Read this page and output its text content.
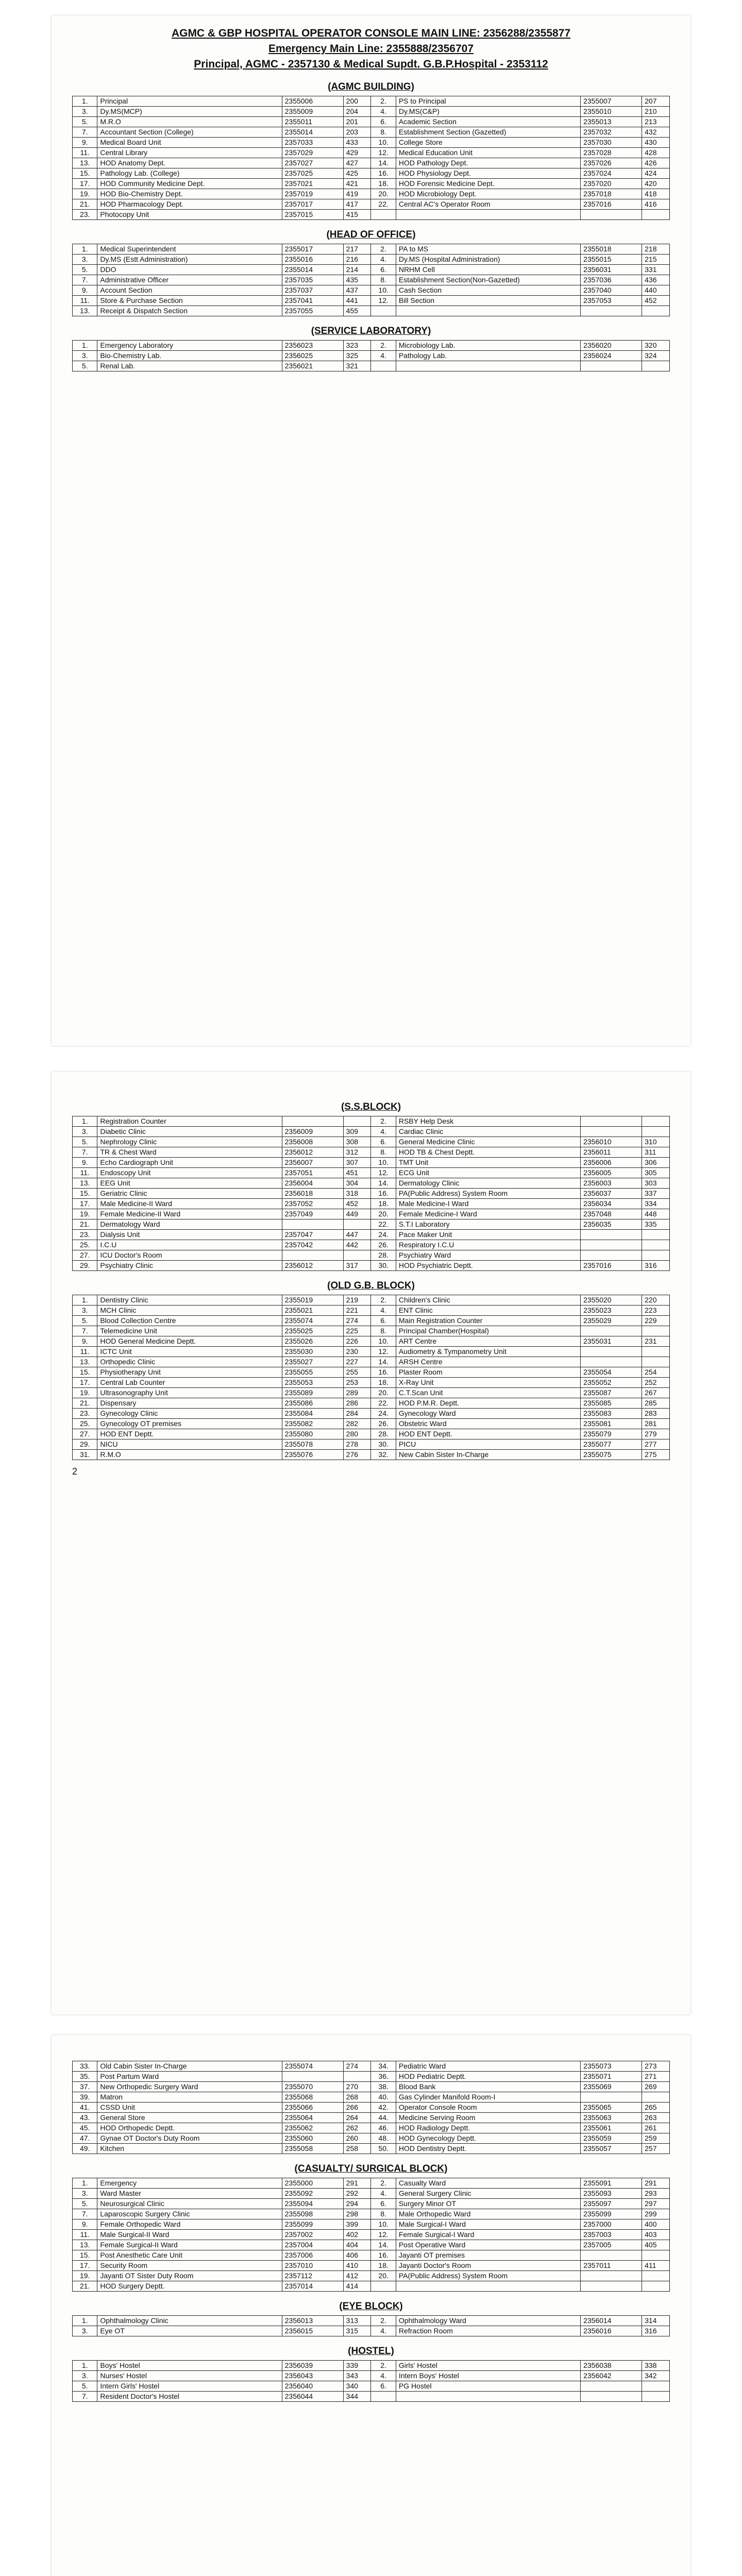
AGMC & GBP HOSPITAL OPERATOR CONSOLE MAIN LINE: 2356288/2355877
Emergency Main Line: 2355888/2356707
Principal, AGMC - 2357130 & Medical Supdt. G.B.P.Hospital - 2353112
(AGMC BUILDING)
1.	Principal	2355006	200	2.	PS to Principal	2355007	207
3.	Dy.MS(MCP)	2355009	204	4.	Dy.MS(C&P)	2355010	210
5.	M.R.O	2355011	201	6.	Academic Section	2355013	213
7.	Accountant Section (College)	2355014	203	8.	Establishment Section (Gazetted)	2357032	432
9.	Medical Board Unit	2357033	433	10.	College Store	2357030	430
11.	Central Library	2357029	429	12.	Medical Education Unit	2357028	428
13.	HOD Anatomy Dept.	2357027	427	14.	HOD Pathology Dept.	2357026	426
15.	Pathology Lab. (College)	2357025	425	16.	HOD Physiology Dept.	2357024	424
17.	HOD Community Medicine Dept.	2357021	421	18.	HOD Forensic Medicine Dept.	2357020	420
19.	HOD Bio-Chemistry Dept.	2357019	419	20.	HOD Microbiology Dept.	2357018	418
21.	HOD Pharmacology Dept.	2357017	417	22.	Central AC's Operator Room	2357016	416
23.	Photocopy Unit	2357015	415				
(HEAD OF OFFICE)
1.	Medical Superintendent	2355017	217	2.	PA to MS	2355018	218
3.	Dy.MS (Estt Administration)	2355016	216	4.	Dy.MS (Hospital Administration)	2355015	215
5.	DDO	2355014	214	6.	NRHM Cell	2356031	331
7.	Administrative Officer	2357035	435	8.	Establishment Section(Non-Gazetted)	2357036	436
9.	Account Section	2357037	437	10.	Cash Section	2357040	440
11.	Store & Purchase Section	2357041	441	12.	Bill Section	2357053	452
13.	Receipt & Dispatch Section	2357055	455				
(SERVICE LABORATORY)
1.	Emergency Laboratory	2356023	323	2.	Microbiology Lab.	2356020	320
3.	Bio-Chemistry Lab.	2356025	325	4.	Pathology Lab.	2356024	324
5.	Renal Lab.	2356021	321				
(S.S.BLOCK)
1.	Registration Counter			2.	RSBY Help Desk		
3.	Diabetic Clinic	2356009	309	4.	Cardiac Clinic		
5.	Nephrology Clinic	2356008	308	6.	General Medicine Clinic	2356010	310
7.	TR & Chest Ward	2356012	312	8.	HOD TB & Chest Deptt.	2356011	311
9.	Echo Cardiograph Unit	2356007	307	10.	TMT Unit	2356006	306
11.	Endoscopy Unit	2357051	451	12.	ECG Unit	2356005	305
13.	EEG Unit	2356004	304	14.	Dermatology Clinic	2356003	303
15.	Geriatric Clinic	2356018	318	16.	PA(Public Address) System Room	2356037	337
17.	Male Medicine-II Ward	2357052	452	18.	Male Medicine-I Ward	2356034	334
19.	Female Medicine-II Ward	2357049	449	20.	Female Medicine-I Ward	2357048	448
21.	Dermatology Ward			22.	S.T.I Laboratory	2356035	335
23.	Dialysis Unit	2357047	447	24.	Pace Maker Unit		
25.	I.C.U	2357042	442	26.	Respiratory I.C.U		
27.	ICU Doctor's Room			28.	Psychiatry Ward		
29.	Psychiatry Clinic	2356012	317	30.	HOD Psychiatric Deptt.	2357016	316
(OLD G.B. BLOCK)
1.	Dentistry Clinic	2355019	219	2.	Children's Clinic	2355020	220
3.	MCH Clinic	2355021	221	4.	ENT Clinic	2355023	223
5.	Blood Collection Centre	2355074	274	6.	Main Registration Counter	2355029	229
7.	Telemedicine Unit	2355025	225	8.	Principal Chamber(Hospital)		
9.	HOD General Medicine Deptt.	2355026	226	10.	ART Centre	2355031	231
11.	ICTC Unit	2355030	230	12.	Audiometry & Tympanometry Unit		
13.	Orthopedic Clinic	2355027	227	14.	ARSH Centre		
15.	Physiotherapy Unit	2355055	255	16.	Plaster Room	2355054	254
17.	Central Lab Counter	2355053	253	18.	X-Ray Unit	2355052	252
19.	Ultrasonography Unit	2355089	289	20.	C.T.Scan Unit	2355087	267
21.	Dispensary	2355086	286	22.	HOD P.M.R. Deptt.	2355085	285
23.	Gynecology Clinic	2355084	284	24.	Gynecology Ward	2355083	283
25.	Gynecology OT premises	2355082	282	26.	Obstetric Ward	2355081	281
27.	HOD ENT Deptt.	2355080	280	28.	HOD ENT Deptt.	2355079	279
29.	NICU	2355078	278	30.	PICU	2355077	277
31.	R.M.O	2355076	276	32.	New Cabin Sister In-Charge	2355075	275
2
33.	Old Cabin Sister In-Charge	2355074	274	34.	Pediatric Ward	2355073	273
35.	Post Partum Ward			36.	HOD Pediatric Deptt.	2355071	271
37.	New Orthopedic Surgery Ward	2355070	270	38.	Blood Bank	2355069	269
39.	Matron	2355068	268	40.	Gas Cylinder Manifold Room-I		
41.	CSSD Unit	2355066	266	42.	Operator Console Room	2355065	265
43.	General Store	2355064	264	44.	Medicine Serving Room	2355063	263
45.	HOD Orthopedic Deptt.	2355062	262	46.	HOD Radiology Deptt.	2355061	261
47.	Gynae OT Doctor's Duty Room	2355060	260	48.	HOD Gynecology Deptt.	2355059	259
49.	Kitchen	2355058	258	50.	HOD Dentistry Deptt.	2355057	257
(CASUALTY/ SURGICAL BLOCK)
1.	Emergency	2355000	291	2.	Casualty Ward	2355091	291
3.	Ward Master	2355092	292	4.	General Surgery Clinic	2355093	293
5.	Neurosurgical Clinic	2355094	294	6.	Surgery Minor OT	2355097	297
7.	Laparoscopic Surgery Clinic	2355098	298	8.	Male Orthopedic Ward	2355099	299
9.	Female Orthopedic Ward	2355099	399	10.	Male Surgical-I Ward	2357000	400
11.	Male Surgical-II Ward	2357002	402	12.	Female Surgical-I Ward	2357003	403
13.	Female Surgical-II Ward	2357004	404	14.	Post Operative Ward	2357005	405
15.	Post Anesthetic Care Unit	2357006	406	16.	Jayanti OT premises		
17.	Security Room	2357010	410	18.	Jayanti Doctor's Room	2357011	411
19.	Jayanti OT Sister Duty Room	2357112	412	20.	PA(Public Address) System Room		
21.	HOD Surgery Deptt.	2357014	414				
(EYE BLOCK)
1.	Ophthalmology Clinic	2356013	313	2.	Ophthalmology Ward	2356014	314
3.	Eye OT	2356015	315	4.	Refraction Room	2356016	316
(HOSTEL)
1.	Boys' Hostel	2356039	339	2.	Girls' Hostel	2356038	338
3.	Nurses' Hostel	2356043	343	4.	Intern Boys' Hostel	2356042	342
5.	Intern Girls' Hostel	2356040	340	6.	PG Hostel		
7.	Resident Doctor's Hostel	2356044	344				
